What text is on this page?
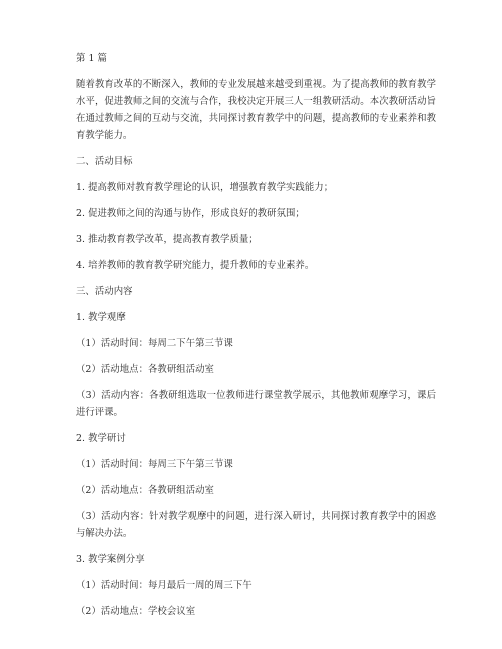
第 1 篇
随着教育改革的不断深入，教师的专业发展越来越受到重视。为了提高教师的教育教学水平，促进教师之间的交流与合作，我校决定开展三人一组教研活动。本次教研活动旨在通过教师之间的互动与交流，共同探讨教育教学中的问题，提高教师的专业素养和教育教学能力。
二、活动目标
1. 提高教师对教育教学理论的认识，增强教育教学实践能力；
2. 促进教师之间的沟通与协作，形成良好的教研氛围；
3. 推动教育教学改革，提高教育教学质量；
4. 培养教师的教育教学研究能力，提升教师的专业素养。
三、活动内容
1. 教学观摩
（1）活动时间：每周二下午第三节课
（2）活动地点：各教研组活动室
（3）活动内容：各教研组选取一位教师进行课堂教学展示，其他教师观摩学习，课后进行评课。
2. 教学研讨
（1）活动时间：每周三下午第三节课
（2）活动地点：各教研组活动室
（3）活动内容：针对教学观摩中的问题，进行深入研讨，共同探讨教育教学中的困惑与解决办法。
3. 教学案例分享
（1）活动时间：每月最后一周的周三下午
（2）活动地点：学校会议室
